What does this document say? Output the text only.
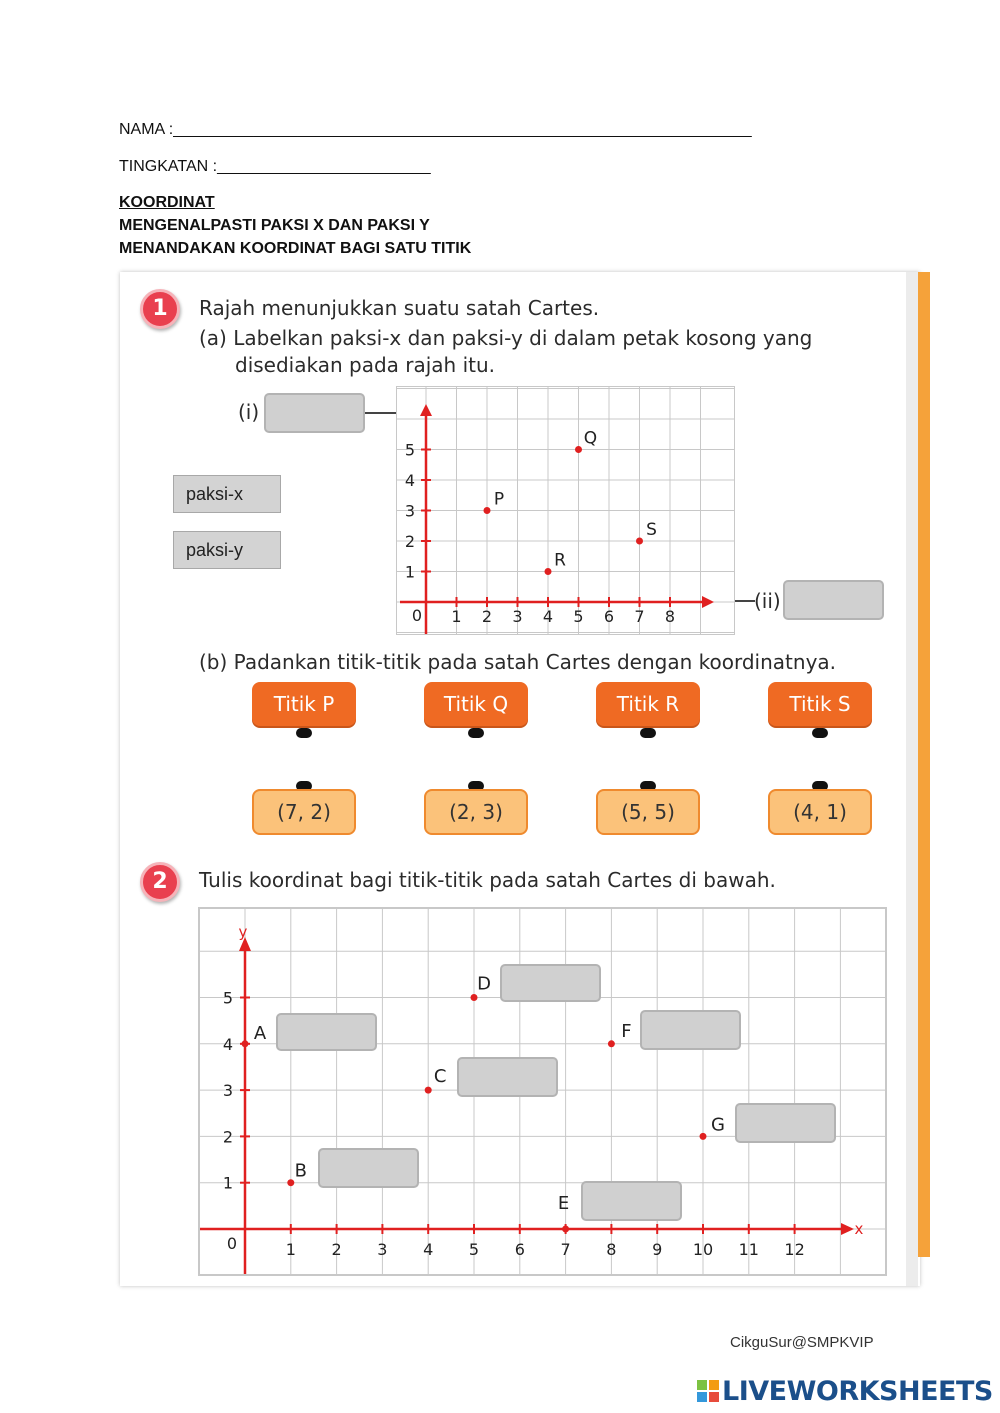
NAMA :_________________________________________________________________
TINGKATAN :________________________
KOORDINAT
MENGENALPASTI PAKSI X DAN PAKSI Y
MENANDAKAN KOORDINAT BAGI SATU TITIK
1	Rajah menunjukkan suatu satah Cartes.
(a) Labelkan paksi-x dan paksi-y di dalam petak kosong yang
disediakan pada rajah itu.
(i)
paksi-x
paksi-y
(ii)
0 1 2 3 4 5 6 7 8
1
2
3
4
5
P
Q
R
S
(b) Padankan titik-titik pada satah Cartes dengan koordinatnya.
Titik P	Titik Q	Titik R	Titik S
(7, 2)	(2, 3)	(5, 5)	(4, 1)
2	Tulis koordinat bagi titik-titik pada satah Cartes di bawah.
y
x
0	1 2 3 4 5 6 7 8 9 10 11 12
1
2
3
4
5
A
B
C
D
E
F
G
CikguSur@SMPKVIP
LIVEWORKSHEETS
